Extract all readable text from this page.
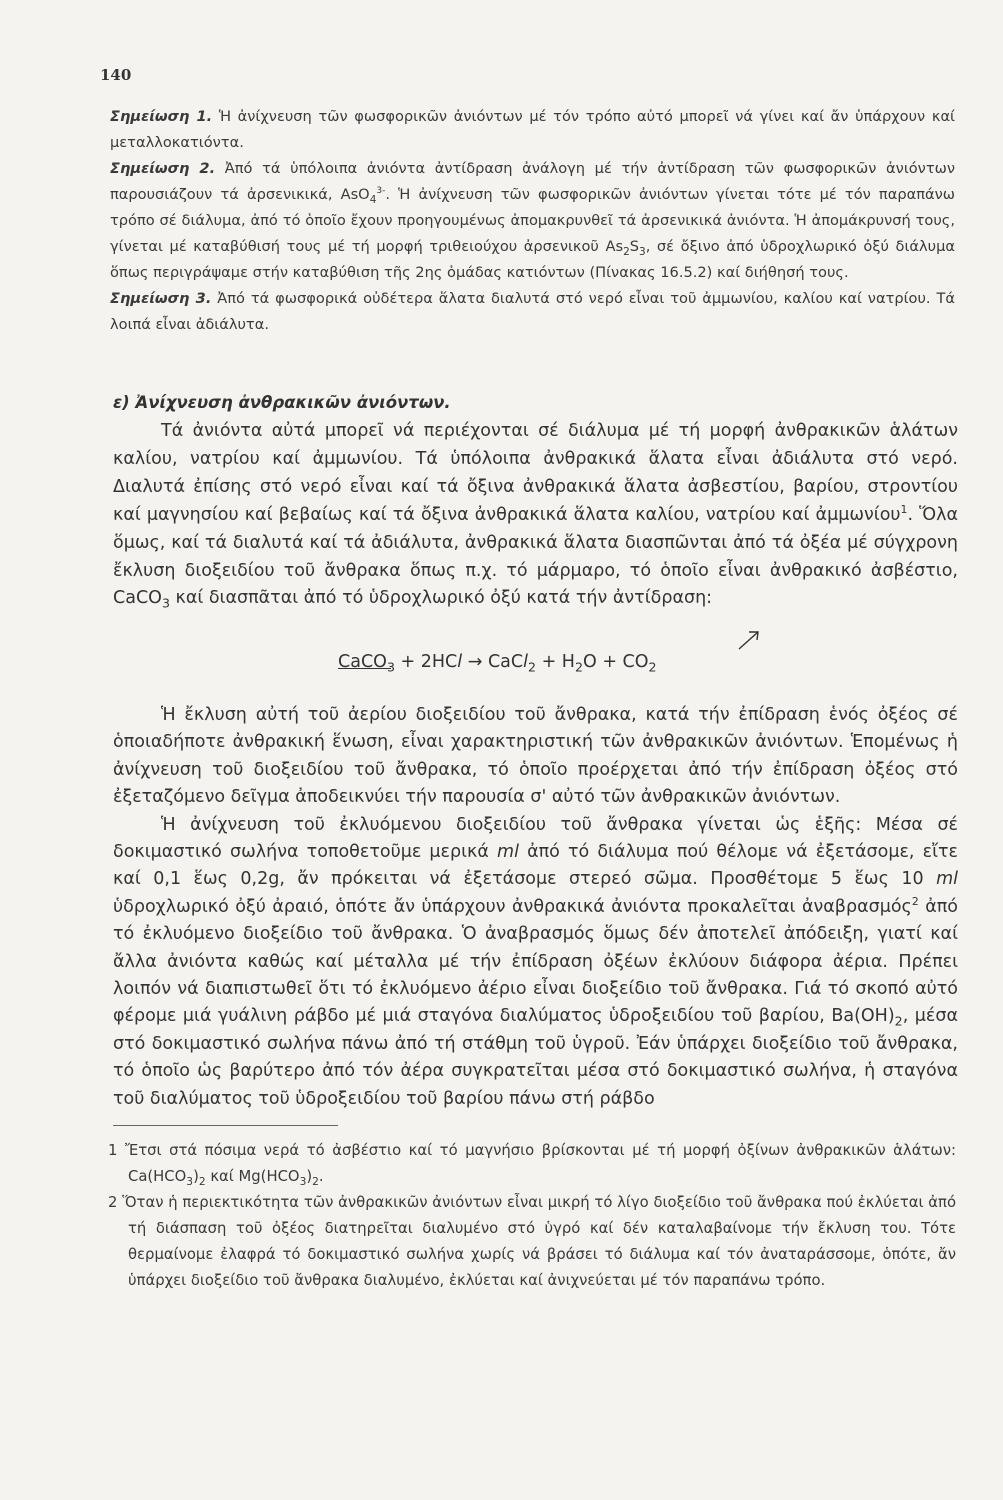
140

Σημείωση 1. Ἡ ἀνίχνευση τῶν φωσφορικῶν ἀνιόντων μέ τόν τρόπο αὐτό μπορεῖ νά γίνει καί ἄν ὑπάρχουν καί μεταλλοκατιόντα.

Σημείωση 2. Ἀπό τά ὑπόλοιπα ἀνιόντα ἀντίδραση ἀνάλογη μέ τήν ἀντίδραση τῶν φωσφορικῶν ἀνιόντων παρουσιάζουν τά ἀρσενικικά, AsO$_4^{3-}$. Ἡ ἀνίχνευση τῶν φωσφορικῶν ἀνιόντων γίνεται τότε μέ τόν παραπάνω τρόπο σέ διάλυμα, ἀπό τό ὁποῖο ἔχουν προηγουμένως ἀπομακρυνθεῖ τά ἀρσενικικά ἀνιόντα. Ἡ ἀπομάκρυνσή τους, γίνεται μέ καταβύθισή τους μέ τή μορφή τριθειούχου ἀρσενικοῦ $As_2S_3$, σέ ὄξινο ἀπό ὑδροχλωρικό ὀξύ διάλυμα ὅπως περιγράψαμε στήν καταβύθιση τῆς 2ης ὁμάδας κατιόντων (Πίνακας 16.5.2) καί διήθησή τους.

Σημείωση 3. Ἀπό τά φωσφορικά οὐδέτερα ἅλατα διαλυτά στό νερό εἶναι τοῦ ἀμμωνίου, καλίου καί νατρίου. Τά λοιπά εἶναι ἀδιάλυτα.

ε) Ἀνίχνευση ἀνθρακικῶν ἀνιόντων.

Τά ἀνιόντα αὐτά μπορεῖ νά περιέχονται σέ διάλυμα μέ τή μορφή ἀνθρακικῶν ἁλάτων καλίου, νατρίου καί ἀμμωνίου. Τά ὑπόλοιπα ἀνθρακικά ἅλατα εἶναι ἀδιάλυτα στό νερό. Διαλυτά ἐπίσης στό νερό εἶναι καί τά ὄξινα ἀνθρακικά ἅλατα ἀσβεστίου, βαρίου, στροντίου καί μαγνησίου καί βεβαίως καί τά ὄξινα ἀνθρακικά ἅλατα καλίου, νατρίου καί ἀμμωνίου$^1$. Ὅλα ὅμως, καί τά διαλυτά καί τά ἀδιάλυτα, ἀνθρακικά ἅλατα διασπῶνται ἀπό τά ὀξέα μέ σύγχρονη ἔκλυση διοξειδίου τοῦ ἄνθρακα ὅπως π.χ. τό μάρμαρο, τό ὁποῖο εἶναι ἀνθρακικό ἀσβέστιο, CaCO$_3$ καί διασπᾶται ἀπό τό ὑδροχλωρικό ὀξύ κατά τήν ἀντίδραση:

CaCO$_3$ + 2HCl → CaCl$_2$ + $H_2O + CO_2$

Ἡ ἔκλυση αὐτή τοῦ ἀερίου διοξειδίου τοῦ ἄνθρακα, κατά τήν ἐπίδραση ἑνός ὀξέος σέ ὁποιαδήποτε ἀνθρακική ἕνωση, εἶναι χαρακτηριστική τῶν ἀνθρακικῶν ἀνιόντων. Ἑπομένως ἡ ἀνίχνευση τοῦ διοξειδίου τοῦ ἄνθρακα, τό ὁποῖο προέρχεται ἀπό τήν ἐπίδραση ὀξέος στό ἐξεταζόμενο δεῖγμα ἀποδεικνύει τήν παρουσία σ' αὐτό τῶν ἀνθρακικῶν ἀνιόντων.

Ἡ ἀνίχνευση τοῦ ἐκλυόμενου διοξειδίου τοῦ ἄνθρακα γίνεται ὡς ἑξῆς: Μέσα σέ δοκιμαστικό σωλήνα τοποθετοῦμε μερικά ml ἀπό τό διάλυμα πού θέλομε νά ἐξετάσομε, εἴτε καί 0,1 ἕως 0,2g, ἄν πρόκειται νά ἐξετάσομε στερεό σῶμα. Προσθέτομε 5 ἕως 10 ml ὑδροχλωρικό ὀξύ ἀραιό, ὁπότε ἄν ὑπάρχουν ἀνθρακικά ἀνιόντα προκαλεῖται ἀναβρασμός$^2$ ἀπό τό ἐκλυόμενο διοξείδιο τοῦ ἄνθρακα. Ὁ ἀναβρασμός ὅμως δέν ἀποτελεῖ ἀπόδειξη, γιατί καί ἄλλα ἀνιόντα καθώς καί μέταλλα μέ τήν ἐπίδραση ὀξέων ἐκλύουν διάφορα ἀέρια. Πρέπει λοιπόν νά διαπιστωθεῖ ὅτι τό ἐκλυόμενο ἀέριο εἶναι διοξείδιο τοῦ ἄνθρακα. Γιά τό σκοπό αὐτό φέρομε μιά γυάλινη ράβδο μέ μιά σταγόνα διαλύματος ὑδροξειδίου τοῦ βαρίου, $Ba(OH)_2$, μέσα στό δοκιμαστικό σωλήνα πάνω ἀπό τή στάθμη τοῦ ὑγροῦ. Ἐάν ὑπάρχει διοξείδιο τοῦ ἄνθρακα, τό ὁποῖο ὡς βαρύτερο ἀπό τόν ἀέρα συγκρατεῖται μέσα στό δοκιμαστικό σωλήνα, ἡ σταγόνα τοῦ διαλύματος τοῦ ὑδροξειδίου τοῦ βαρίου πάνω στή ράβδο

1 Ἔτσι στά πόσιμα νερά τό ἀσβέστιο καί τό μαγνήσιο βρίσκονται μέ τή μορφή ὀξίνων ἀνθρακικῶν ἁλάτων: $Ca(HCO_3)_2$ καί $Mg(HCO_3)_2$.

2 Ὅταν ἡ περιεκτικότητα τῶν ἀνθρακικῶν ἀνιόντων εἶναι μικρή τό λίγο διοξείδιο τοῦ ἄνθρακα πού ἐκλύεται ἀπό τή διάσπαση τοῦ ὀξέος διατηρεῖται διαλυμένο στό ὑγρό καί δέν καταλαβαίνομε τήν ἔκλυση του. Τότε θερμαίνομε ἐλαφρά τό δοκιμαστικό σωλήνα χωρίς νά βράσει τό διάλυμα καί τόν ἀναταράσσομε, ὁπότε, ἄν ὑπάρχει διοξείδιο τοῦ ἄνθρακα διαλυμένο, ἐκλύεται καί ἀνιχνεύεται μέ τόν παραπάνω τρόπο.
